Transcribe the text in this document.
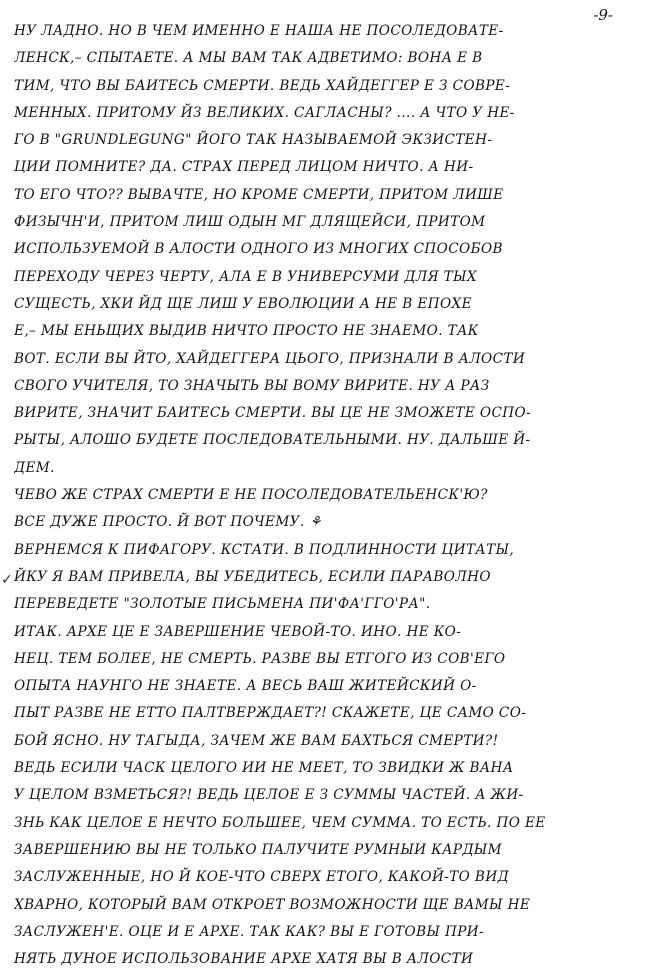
-9-
✓
НУ ЛАДНО. НО В ЧЕМ ИМЕННО Е НАША НЕ ПОСОЛЕДОВАТЕ-
ЛЕНСК,– СПЫТАЕТЕ. А МЫ ВАМ ТАК АДВЕТИМО: ВОНА Е В
ТИМ, ЧТО ВЫ БАИТЕСЬ СМЕРТИ. ВЕДЬ ХАЙДЕГГЕР Е З СОВРЕ-
МЕННЫХ. ПРИТОМУ ЙЗ ВЕЛИКИХ. САГЛАСНЫ? .... А ЧТО У НЕ-
ГО В "GRUNDLEGUNG" ЙОГО ТАК НАЗЫВАЕМОЙ ЭКЗИСТЕН-
ЦИИ ПОМНИТЕ? ДА. СТРАХ ПЕРЕД ЛИЦОМ НИЧТО. А НИ-
ТО ЕГО ЧТО?? ВЫВАЧТЕ, НО КРОМЕ СМЕРТИ, ПРИТОМ ЛИШЕ
ФИЗЫЧН'И, ПРИТОМ ЛИШ ОДЫН МГ ДЛЯЩЕЙСИ, ПРИТОМ
ИСПОЛЬЗУЕМОЙ В АЛОСТИ ОДНОГО ИЗ МНОГИХ СПОСОБОВ
ПЕРЕХОДУ ЧЕРЕЗ ЧЕРТУ, АЛА Е В УНИВЕРСУМИ ДЛЯ ТЫХ
СУЩЕСТЬ, ХКИ ЙД ЩЕ ЛИШ У ЕВОЛЮЦИИ А НЕ В ЕПОХЕ
Е,– МЫ ЕНЬЩИХ ВЫДИВ НИЧТО ПРОСТО НЕ ЗНАЕМО. ТАК
ВОТ. ЕСЛИ ВЫ ЙТО, ХАЙДЕГГЕРА ЦЬОГО, ПРИЗНАЛИ В АЛОСТИ
СВОГО УЧИТЕЛЯ, ТО ЗНАЧЫТЬ ВЫ ВОМУ ВИРИТЕ. НУ А РАЗ
ВИРИТЕ, ЗНАЧИТ БАИТЕСЬ СМЕРТИ. ВЫ ЦЕ НЕ ЗМОЖЕТЕ ОСПО-
РЫТЫ, АЛОШО БУДЕТЕ ПОСЛЕДОВАТЕЛЬНЫМИ. НУ. ДАЛЬШЕ Й-
ДЕМ.
ЧЕВО ЖЕ СТРАХ СМЕРТИ Е НЕ ПОСОЛЕДОВАТЕЛЬЕНСК'Ю?
ВСЕ ДУЖЕ ПРОСТО. Й ВОТ ПОЧЕМУ. ⚘
ВЕРНЕМСЯ К ПИФАГОРУ. КСТАТИ. В ПОДЛИННОСТИ ЦИТАТЫ,
ЙКУ Я ВАМ ПРИВЕЛА, ВЫ УБЕДИТЕСЬ, ЕСИЛИ ПАРАВОЛНО
ПЕРЕВЕДЕТЕ "ЗОЛОТЫЕ ПИСЬМЕНА ПИ'ФА'ГГО'РА".
ИТАК. АРХЕ ЦЕ Е ЗАВЕРШЕНИЕ ЧЕВОЙ-ТО. ИНО. НЕ КО-
НЕЦ. ТЕМ БОЛЕЕ, НЕ СМЕРТЬ. РАЗВЕ ВЫ ЕТГОГО ИЗ СОВ'ЕГО
ОПЫТА НАУНГО НЕ ЗНАЕТЕ. А ВЕСЬ ВАШ ЖИТЕЙСКИЙ О-
ПЫТ РАЗВЕ НЕ ЕТТО ПАЛТВЕРЖДАЕТ?! СКАЖЕТЕ, ЦЕ САМО СО-
БОЙ ЯСНО. НУ ТАГЫДА, ЗАЧЕМ ЖЕ ВАМ БАХТЬСЯ СМЕРТИ?!
ВЕДЬ ЕСИЛИ ЧАСК ЦЕЛОГО ИИ НЕ МЕЕТ, ТО ЗВИДКИ Ж ВАНА
У ЦЕЛОМ ВЗМЕТЬСЯ?! ВЕДЬ ЦЕЛОЕ Е З СУММЫ ЧАСТЕЙ. А ЖИ-
ЗНЬ КАК ЦЕЛОЕ Е НЕЧТО БОЛЬШЕЕ, ЧЕМ СУММА. ТО ЕСТЬ. ПО ЕЕ
ЗАВЕРШЕНИЮ ВЫ НЕ ТОЛЬКО ПАЛУЧИТЕ РУМНЫИ КАРДЫМ
ЗАСЛУЖЕННЫЕ, НО Й КОЕ-ЧТО СВЕРХ ЕТОГО, КАКОЙ-ТО ВИД
ХВАРНО, КОТОРЫЙ ВАМ ОТКРОЕТ ВОЗМОЖНОСТИ ЩЕ ВАМЫ НЕ
ЗАСЛУЖЕН'Е. ОЦЕ И Е АРХЕ. ТАК КАК? ВЫ Е ГОТОВЫ ПРИ-
НЯТЬ ДУНОЕ ИСПОЛЬЗОВАНИЕ АРХЕ ХАТЯ ВЫ В АЛОСТИ
